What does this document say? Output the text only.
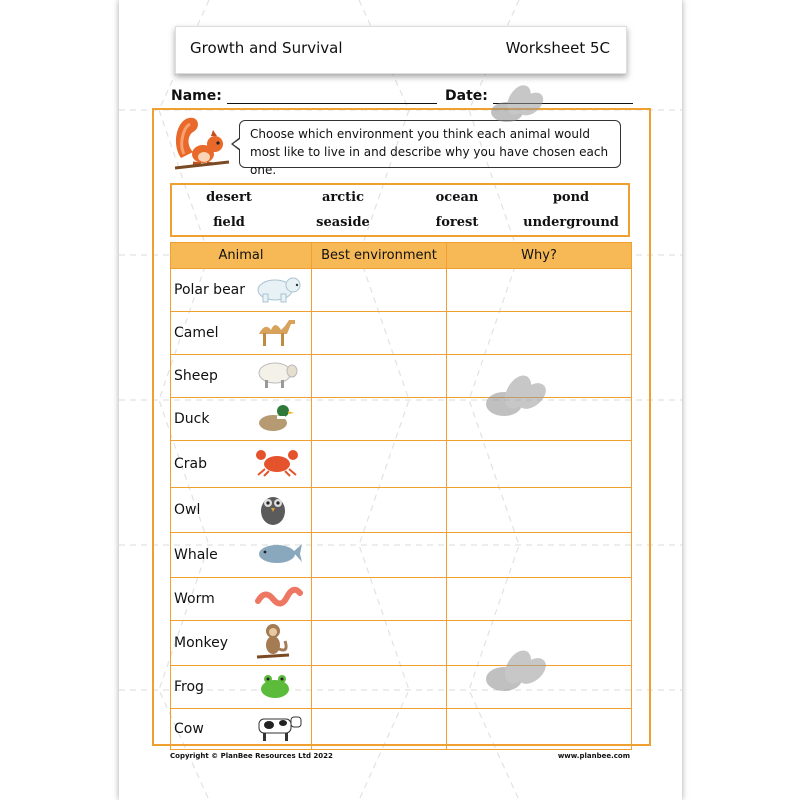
Growth and Survival	Worksheet 5C
Name:	Date:
Choose which environment you think each animal would most like to live in and describe why you have chosen each one.
desert	arctic	ocean	pond
field	seaside	forest	underground
Animal	Best environment	Why?

Polar bear		

Camel		

Sheep		

Duck		

Crab		

Owl		

Whale		

Worm		

Monkey		

Frog		

Cow		

Copyright © PlanBee Resources Ltd 2022	www.planbee.com
